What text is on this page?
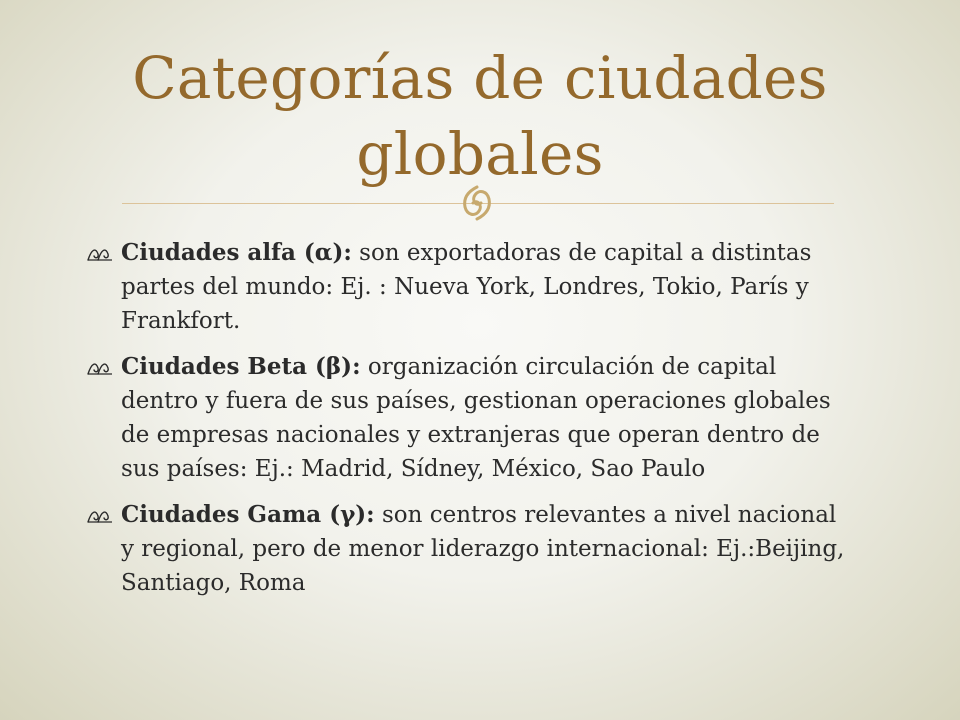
Categorías de ciudades globales
Ciudades alfa (α): son exportadoras de capital a distintas partes del mundo: Ej. : Nueva York, Londres, Tokio, París y Frankfort.
Ciudades Beta (β): organización circulación de capital dentro y fuera de sus países, gestionan operaciones globales de empresas nacionales y extranjeras que operan dentro de sus países: Ej.: Madrid, Sídney, México, Sao Paulo
Ciudades Gama (γ): son centros relevantes a nivel nacional y regional, pero de menor liderazgo internacional: Ej.:Beijing, Santiago, Roma
